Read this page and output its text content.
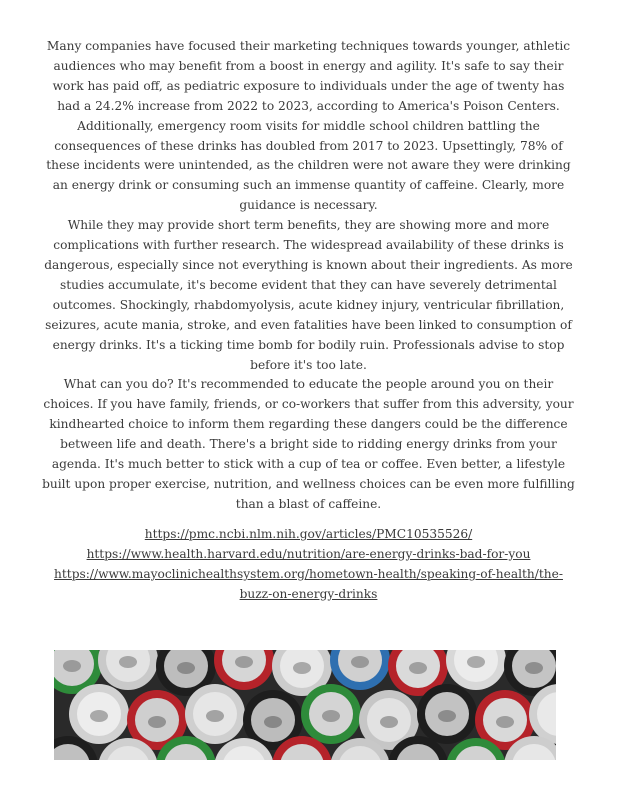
Many companies have focused their marketing techniques towards younger, athletic audiences who may benefit from a boost in energy and agility. It's safe to say their work has paid off, as pediatric exposure to individuals under the age of twenty has had a 24.2% increase from 2022 to 2023, according to America's Poison Centers. Additionally, emergency room visits for middle school children battling the consequences of these drinks has doubled from 2017 to 2023. Upsettingly, 78% of these incidents were unintended, as the children were not aware they were drinking an energy drink or consuming such an immense quantity of caffeine. Clearly, more guidance is necessary.

While they may provide short term benefits, they are showing more and more complications with further research. The widespread availability of these drinks is dangerous, especially since not everything is known about their ingredients. As more studies accumulate, it's become evident that they can have severely detrimental outcomes. Shockingly, rhabdomyolysis, acute kidney injury, ventricular fibrillation, seizures, acute mania, stroke, and even fatalities have been linked to consumption of energy drinks. It's a ticking time bomb for bodily ruin. Professionals advise to stop before it's too late.

What can you do? It's recommended to educate the people around you on their choices. If you have family, friends, or co-workers that suffer from this adversity, your kindhearted choice to inform them regarding these dangers could be the difference between life and death. There's a bright side to ridding energy drinks from your agenda. It's much better to stick with a cup of tea or coffee. Even better, a lifestyle built upon proper exercise, nutrition, and wellness choices can be even more fulfilling than a blast of caffeine.

https://pmc.ncbi.nlm.nih.gov/articles/PMC10535526/
https://www.health.harvard.edu/nutrition/are-energy-drinks-bad-for-you
https://www.mayoclinichealthsystem.org/hometown-health/speaking-of-health/the-buzz-on-energy-drinks
